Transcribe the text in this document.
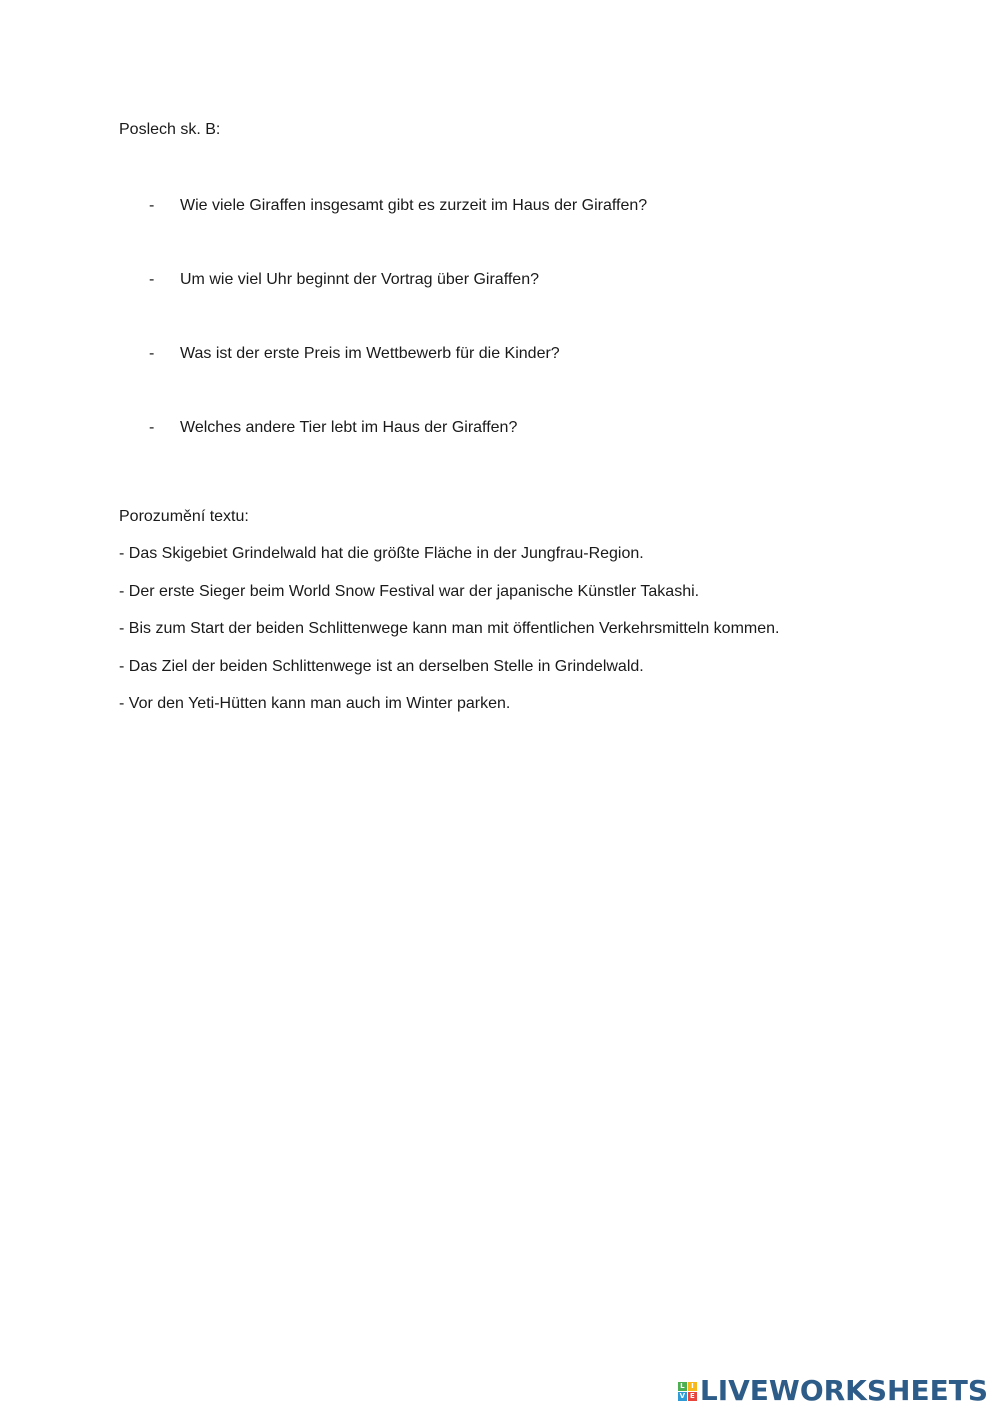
Poslech sk. B:

- Wie viele Giraffen insgesamt gibt es zurzeit im Haus der Giraffen?
- Um wie viel Uhr beginnt der Vortrag über Giraffen?
- Was ist der erste Preis im Wettbewerb für die Kinder?
- Welches andere Tier lebt im Haus der Giraffen?

Porozumění textu:

- Das Skigebiet Grindelwald hat die größte Fläche in der Jungfrau-Region.
- Der erste Sieger beim World Snow Festival war der japanische Künstler Takashi.
- Bis zum Start der beiden Schlittenwege kann man mit öffentlichen Verkehrsmitteln kommen.
- Das Ziel der beiden Schlittenwege ist an derselben Stelle in Grindelwald.
- Vor den Yeti-Hütten kann man auch im Winter parken.
L I
V E LIVEWORKSHEETS
